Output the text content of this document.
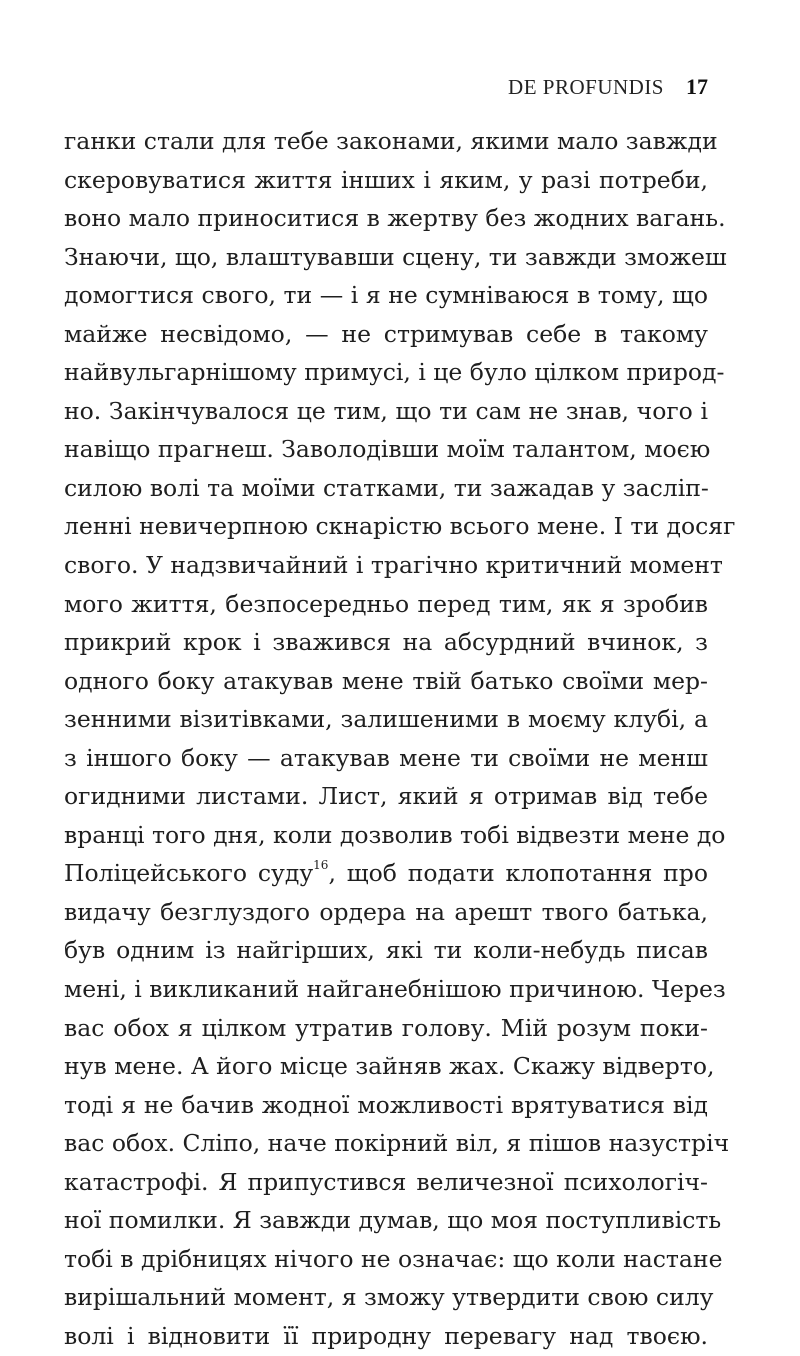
DE PROFUNDIS 17
ганки стали для тебе законами, якими мало завжди
скеровуватися життя інших і яким, у разі потреби,
воно мало приноситися в жертву без жодних вагань.
Знаючи, що, влаштувавши сцену, ти завжди зможеш
домогтися свого, ти — і я не сумніваюся в тому, що
майже несвідомо, — не стримував себе в такому
найвульгарнішому примусі, і це було цілком природ-
но. Закінчувалося це тим, що ти сам не знав, чого і
навіщо прагнеш. Заволодівши моїм талантом, моєю
силою волі та моїми статками, ти зажадав у засліп-
ленні невичерпною скнарістю всього мене. І ти досяг
свого. У надзвичайний і трагічно критичний момент
мого життя, безпосередньо перед тим, як я зробив
прикрий крок і зважився на абсурдний вчинок, з
одного боку атакував мене твій батько своїми мер-
зенними візитівками, залишеними в моєму клубі, а
з іншого боку — атакував мене ти своїми не менш
огидними листами. Лист, який я отримав від тебе
вранці того дня, коли дозволив тобі відвезти мене до
Поліцейського суду$^{16}$, щоб подати клопотання про
видачу безглуздого ордера на арешт твого батька,
був одним із найгірших, які ти коли-небудь писав
мені, і викликаний найганебнішою причиною. Через
вас обох я цілком утратив голову. Мій розум поки-
нув мене. А його місце зайняв жах. Скажу відверто,
тоді я не бачив жодної можливості врятуватися від
вас обох. Сліпо, наче покірний віл, я пішов назустріч
катастрофі. Я припустився величезної психологіч-
ної помилки. Я завжди думав, що моя поступливість
тобі в дрібницях нічого не означає: що коли настане
вирішальний момент, я зможу утвердити свою силу
волі і відновити її природну перевагу над твоєю.
